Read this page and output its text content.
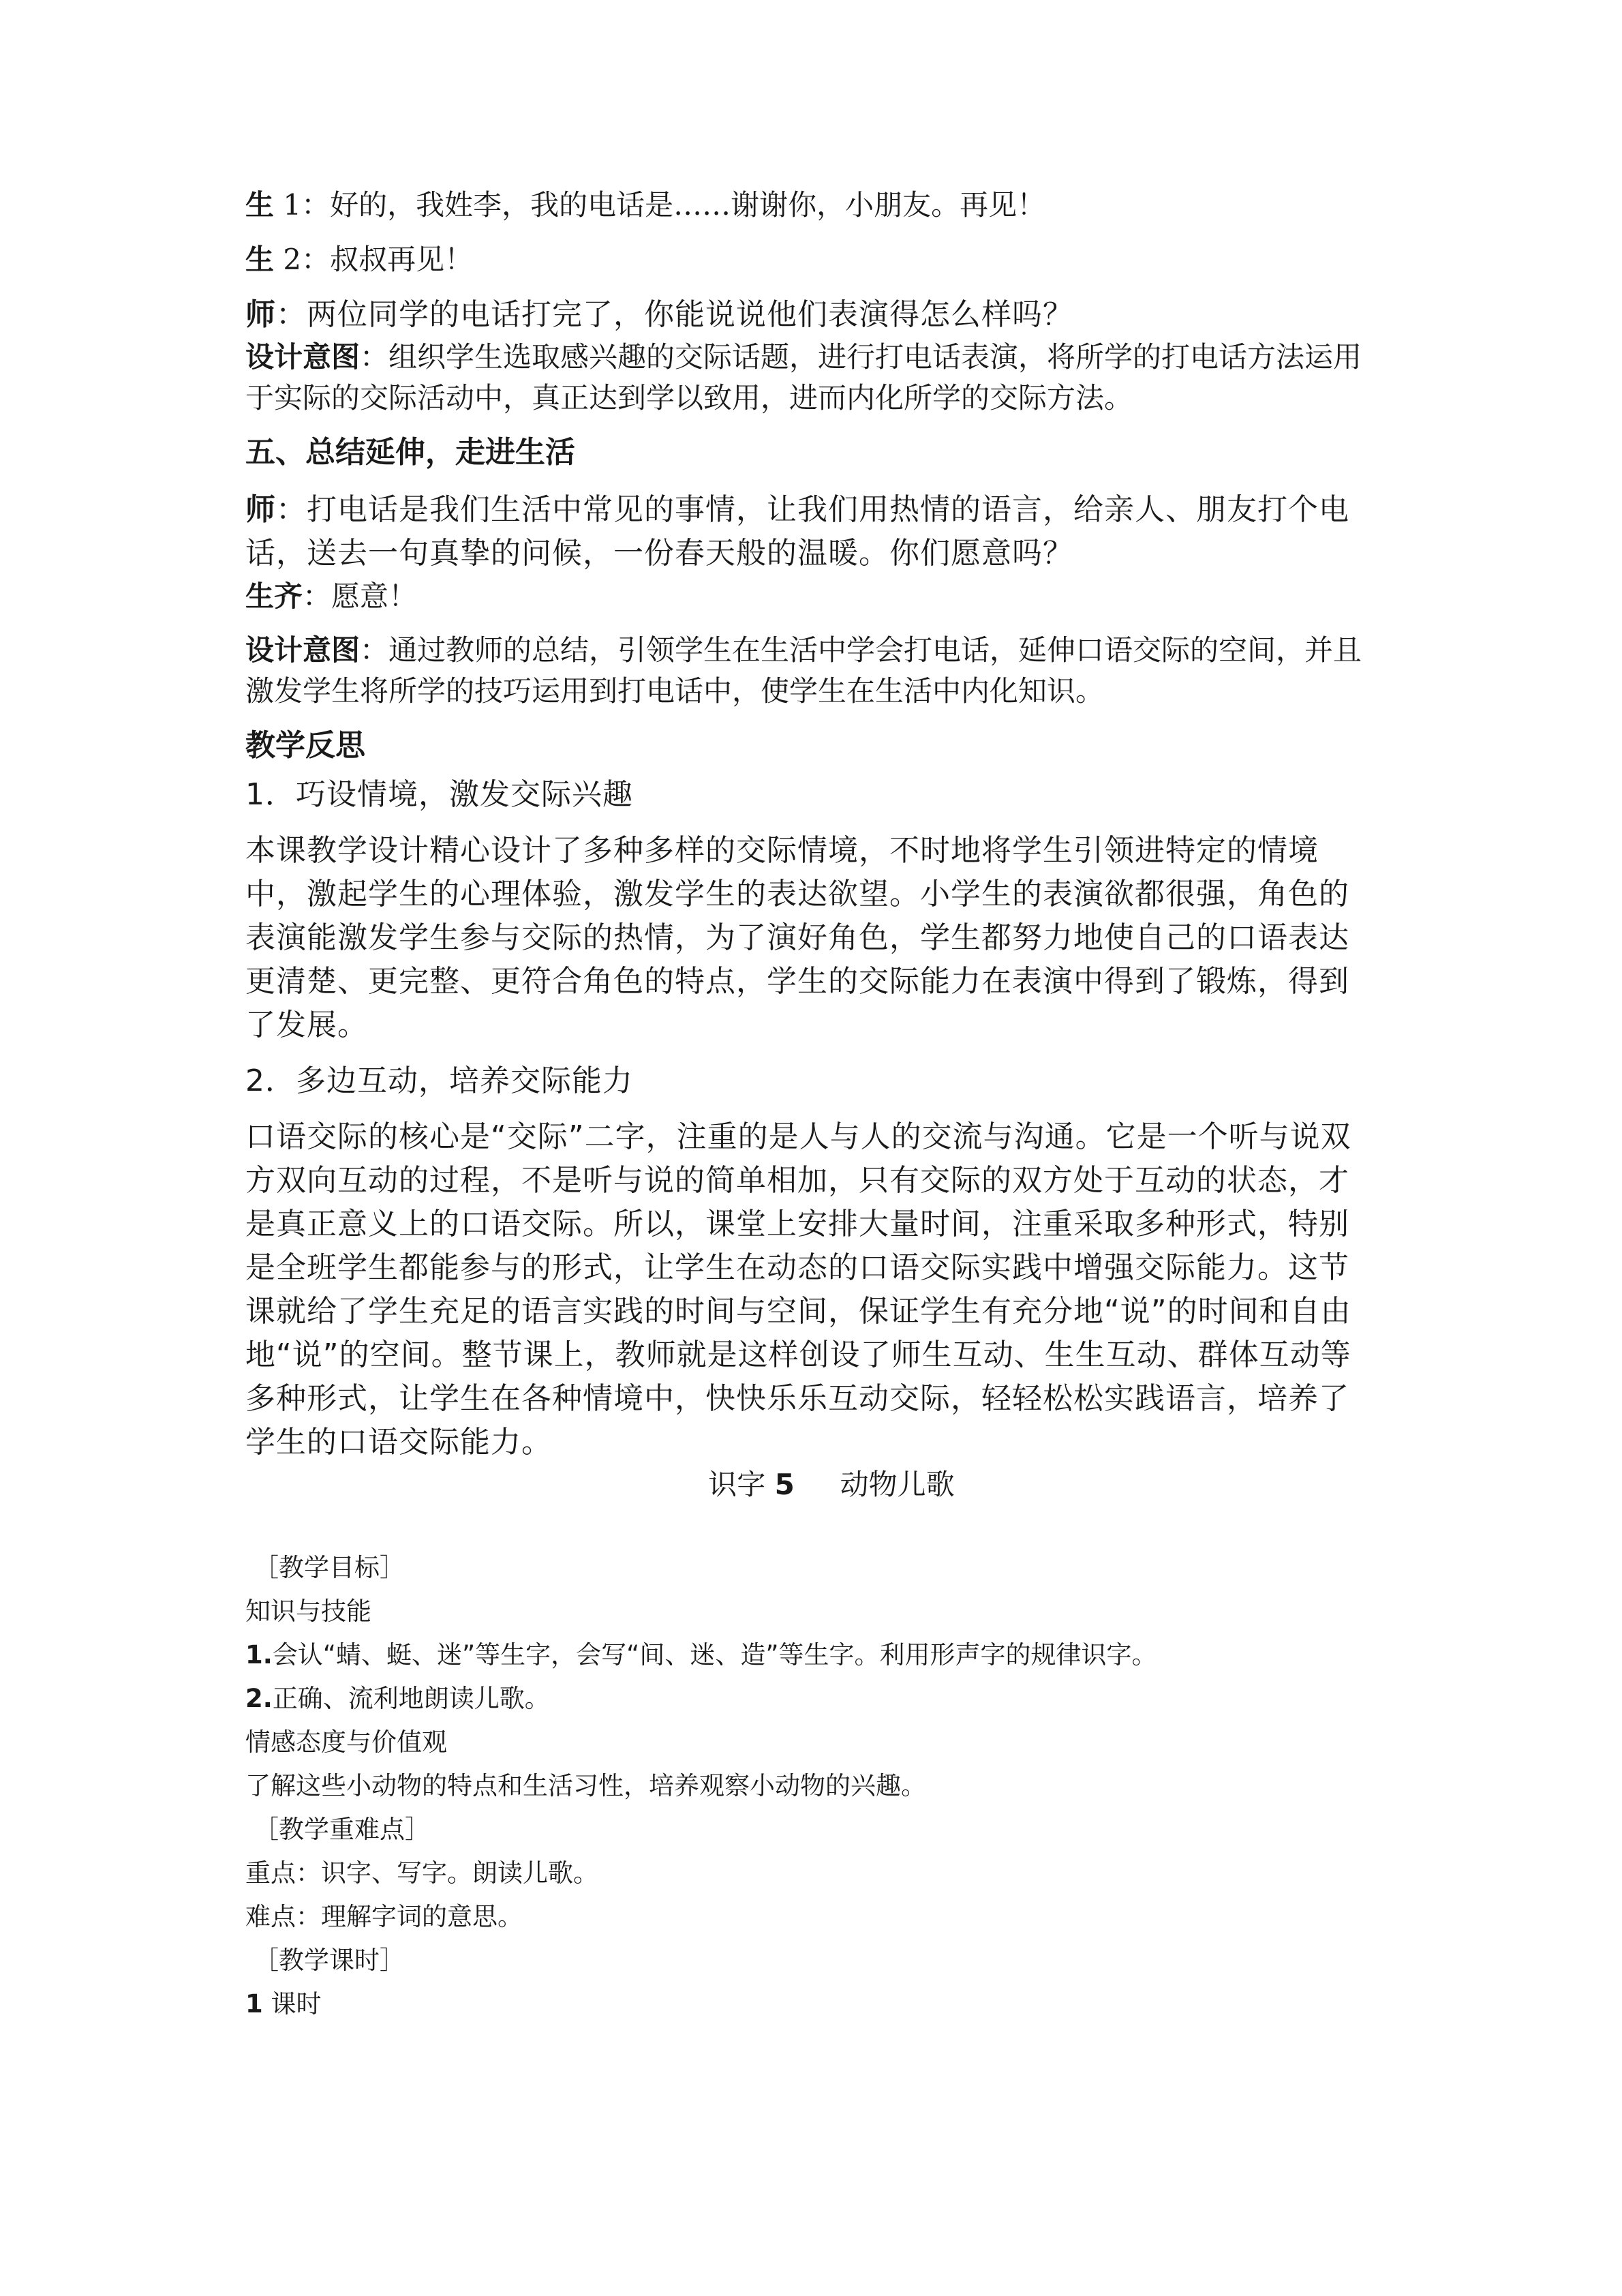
生 1：好的，我姓李，我的电话是……谢谢你，小朋友。再见！

生 2：叔叔再见！

师：两位同学的电话打完了，你能说说他们表演得怎么样吗？

设计意图：组织学生选取感兴趣的交际话题，进行打电话表演，将所学的打电话方法运用于实际的交际活动中，真正达到学以致用，进而内化所学的交际方法。

五、总结延伸，走进生活

师：打电话是我们生活中常见的事情，让我们用热情的语言，给亲人、朋友打个电话，送去一句真挚的问候，一份春天般的温暖。你们愿意吗？

生齐：愿意！

设计意图：通过教师的总结，引领学生在生活中学会打电话，延伸口语交际的空间，并且激发学生将所学的技巧运用到打电话中，使学生在生活中内化知识。

教学反思

1．巧设情境，激发交际兴趣

本课教学设计精心设计了多种多样的交际情境，不时地将学生引领进特定的情境中，激起学生的心理体验，激发学生的表达欲望。小学生的表演欲都很强，角色的表演能激发学生参与交际的热情，为了演好角色，学生都努力地使自己的口语表达更清楚、更完整、更符合角色的特点，学生的交际能力在表演中得到了锻炼，得到了发展。

2．多边互动，培养交际能力

口语交际的核心是“交际”二字，注重的是人与人的交流与沟通。它是一个听与说双方双向互动的过程，不是听与说的简单相加，只有交际的双方处于互动的状态，才是真正意义上的口语交际。所以，课堂上安排大量时间，注重采取多种形式，特别是全班学生都能参与的形式，让学生在动态的口语交际实践中增强交际能力。这节课就给了学生充足的语言实践的时间与空间，保证学生有充分地“说”的时间和自由地“说”的空间。整节课上，教师就是这样创设了师生互动、生生互动、群体互动等多种形式，让学生在各种情境中，快快乐乐互动交际，轻轻松松实践语言，培养了学生的口语交际能力。

识字 5 动物儿歌

［教学目标］

知识与技能

1.会认“蜻、蜓、迷”等生字，会写“间、迷、造”等生字。利用形声字的规律识字。

2.正确、流利地朗读儿歌。

情感态度与价值观

了解这些小动物的特点和生活习性，培养观察小动物的兴趣。

［教学重难点］

重点：识字、写字。朗读儿歌。

难点：理解字词的意思。

［教学课时］

1 课时
